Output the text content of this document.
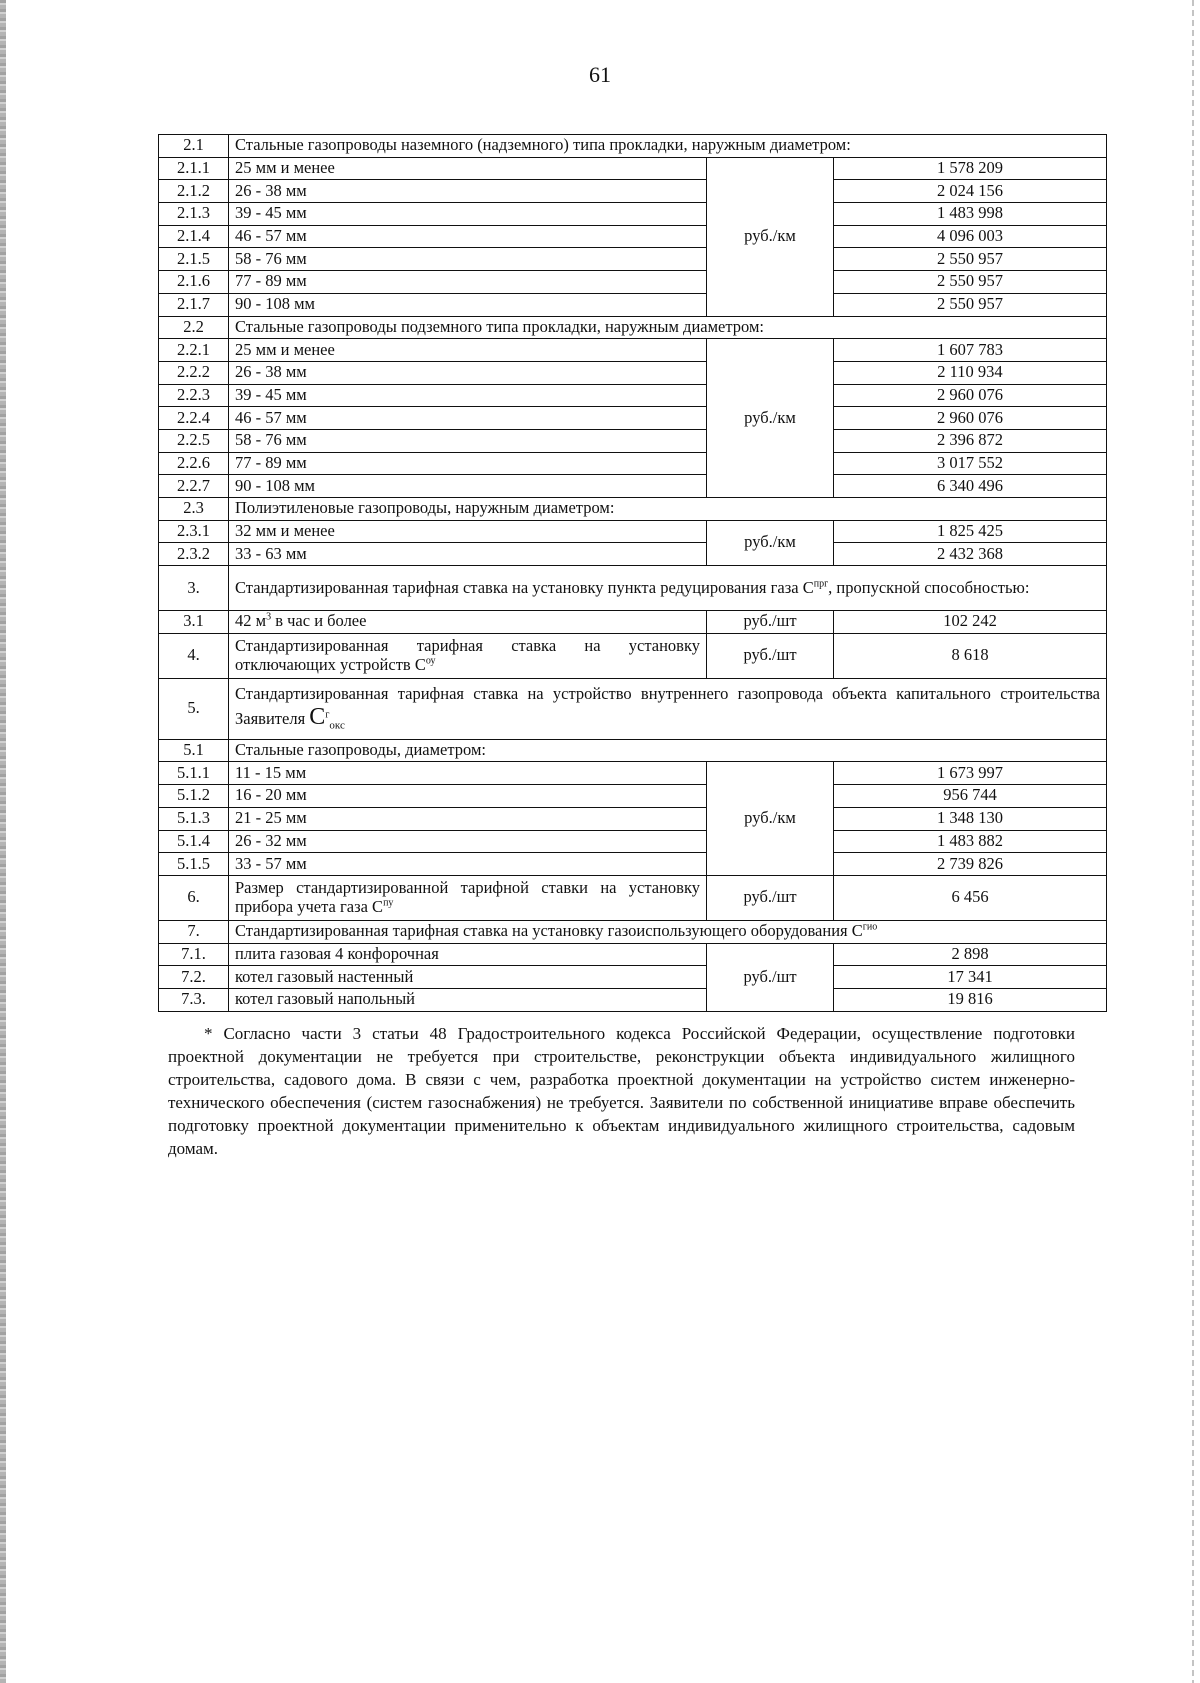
61
2.1	Стальные газопроводы наземного (надземного) типа прокладки, наружным диаметром:		
2.1.1	25 мм и менее	руб./км	1 578 209
2.1.2	26 - 38 мм		2 024 156
2.1.3	39 - 45 мм		1 483 998
2.1.4	46 - 57 мм		4 096 003
2.1.5	58 - 76 мм		2 550 957
2.1.6	77 - 89 мм		2 550 957
2.1.7	90 - 108 мм		2 550 957
2.2	Стальные газопроводы подземного типа прокладки, наружным диаметром:		
2.2.1	25 мм и менее	руб./км	1 607 783
2.2.2	26 - 38 мм		2 110 934
2.2.3	39 - 45 мм		2 960 076
2.2.4	46 - 57 мм		2 960 076
2.2.5	58 - 76 мм		2 396 872
2.2.6	77 - 89 мм		3 017 552
2.2.7	90 - 108 мм		6 340 496
2.3	Полиэтиленовые газопроводы, наружным диаметром:		
2.3.1	32 мм и менее	руб./км	1 825 425
2.3.2	33 - 63 мм		2 432 368
3.	Стандартизированная тарифная ставка на установку пункта редуцирования газа $С^{прг}$, пропускной способностью:		
3.1	42 $м^3$ в час и более	руб./шт	102 242
4.	Стандартизированная тарифная ставка на установку отключающих устройств $С^{оу}$	руб./шт	8 618
5.	Стандартизированная тарифная ставка на устройство внутреннего газопровода объекта капитального строительства Заявителя $С^г_{окс}$
5.1	Стальные газопроводы, диаметром:		
5.1.1	11 - 15 мм	руб./км	1 673 997
5.1.2	16 - 20 мм		956 744
5.1.3	21 - 25 мм		1 348 130
5.1.4	26 - 32 мм		1 483 882
5.1.5	33 - 57 мм		2 739 826
6.	Размер стандартизированной тарифной ставки на установку прибора учета газа $С^{пу}$	руб./шт	6 456
7.	Стандартизированная тарифная ставка на установку газоиспользующего оборудования $С^{гио}$
7.1.	плита газовая 4 конфорочная	руб./шт	2 898
7.2.	котел газовый настенный		17 341
7.3.	котел газовый напольный		19 816

* Согласно части 3 статьи 48 Градостроительного кодекса Российской Федерации, осуществление подготовки проектной документации не требуется при строительстве, реконструкции объекта индивидуального жилищного строительства, садового дома. В связи с чем, разработка проектной документации на устройство систем инженерно-технического обеспечения (систем газоснабжения) не требуется. Заявители по собственной инициативе вправе обеспечить подготовку проектной документации применительно к объектам индивидуального жилищного строительства, садовым домам.
